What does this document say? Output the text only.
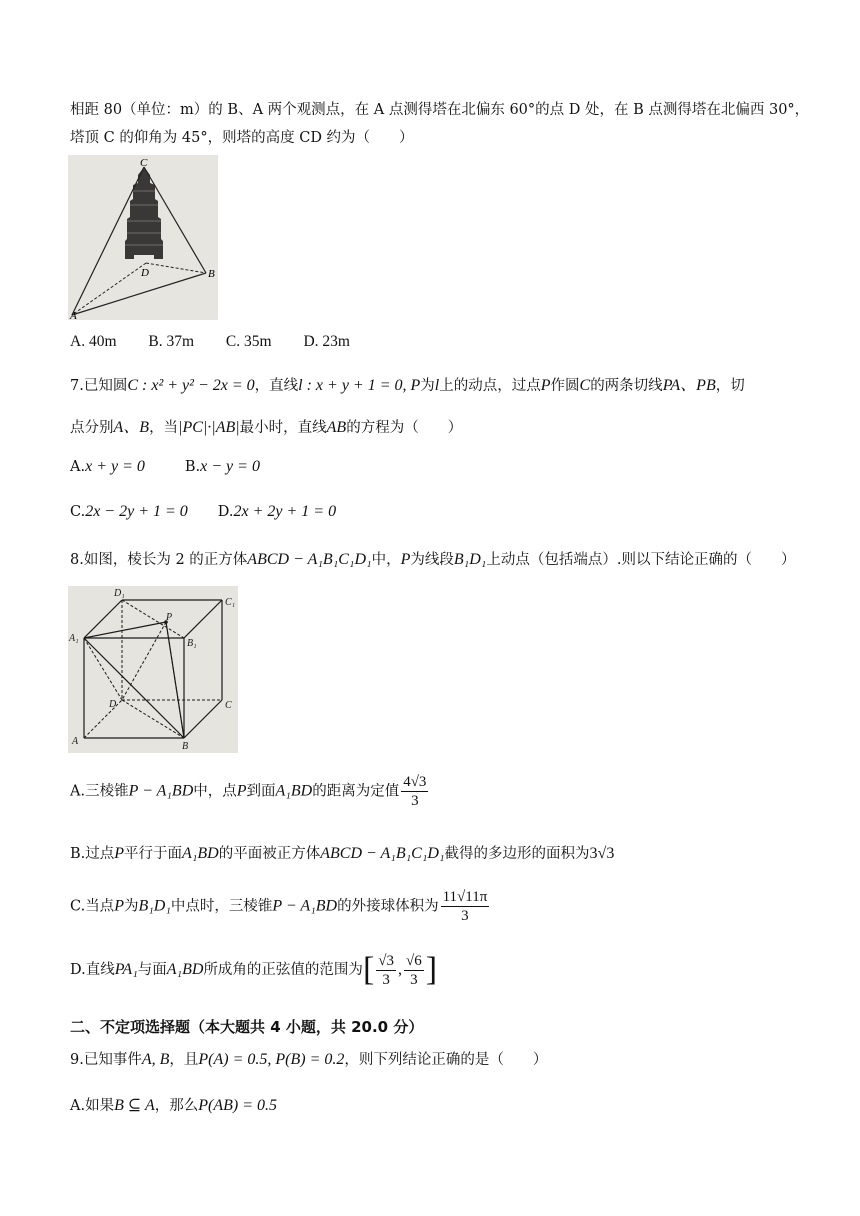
相距 80（单位：m）的 B、A 两个观测点，在 A 点测得塔在北偏东 60°的点 D 处，在 B 点测得塔在北偏西 30°，
塔顶 C 的仰角为 45°，则塔的高度 CD 约为（　　）
C
D	B
A
A. 40m B. 37m C. 35m D. 23m
7.已知圆C : x² + y² − 2x = 0，直线l : x + y + 1 = 0, P为l上的动点，过点P作圆C的两条切线PA、PB，切
点分别A、B，当|PC|·|AB|最小时，直线AB的方程为（　　）
A.x + y = 0	B.x − y = 0
C.2x − 2y + 1 = 0 D.2x + 2y + 1 = 0
8.如图，棱长为 2 的正方体ABCD − A₁B₁C₁D₁中，P为线段B₁D₁上动点（包括端点）.则以下结论正确的（　　）
D₁
C₁
A₁
P
B₁
D	C
A	B
A.三棱锥P − A₁BD中，点P到面A₁BD的距离为定值 $\frac{4√3}{3}$
B.过点P平行于面A₁BD的平面被正方体ABCD − A₁B₁C₁D₁截得的多边形的面积为3√3
C.当点P为B₁D₁中点时，三棱锥P − A₁BD的外接球体积为 $\frac{11√11\pi}{3}$
D.直线PA₁与面A₁BD所成角的正弦值的范围为[ $\frac{√3}{3}$ , $\frac{√6}{3}$ ]
二、不定项选择题（本大题共 4 小题，共 20.0 分）
9.已知事件A, B，且P(A) = 0.5, P(B) = 0.2，则下列结论正确的是（　　）
A.如果B ⊆ A，那么P(AB) = 0.5
